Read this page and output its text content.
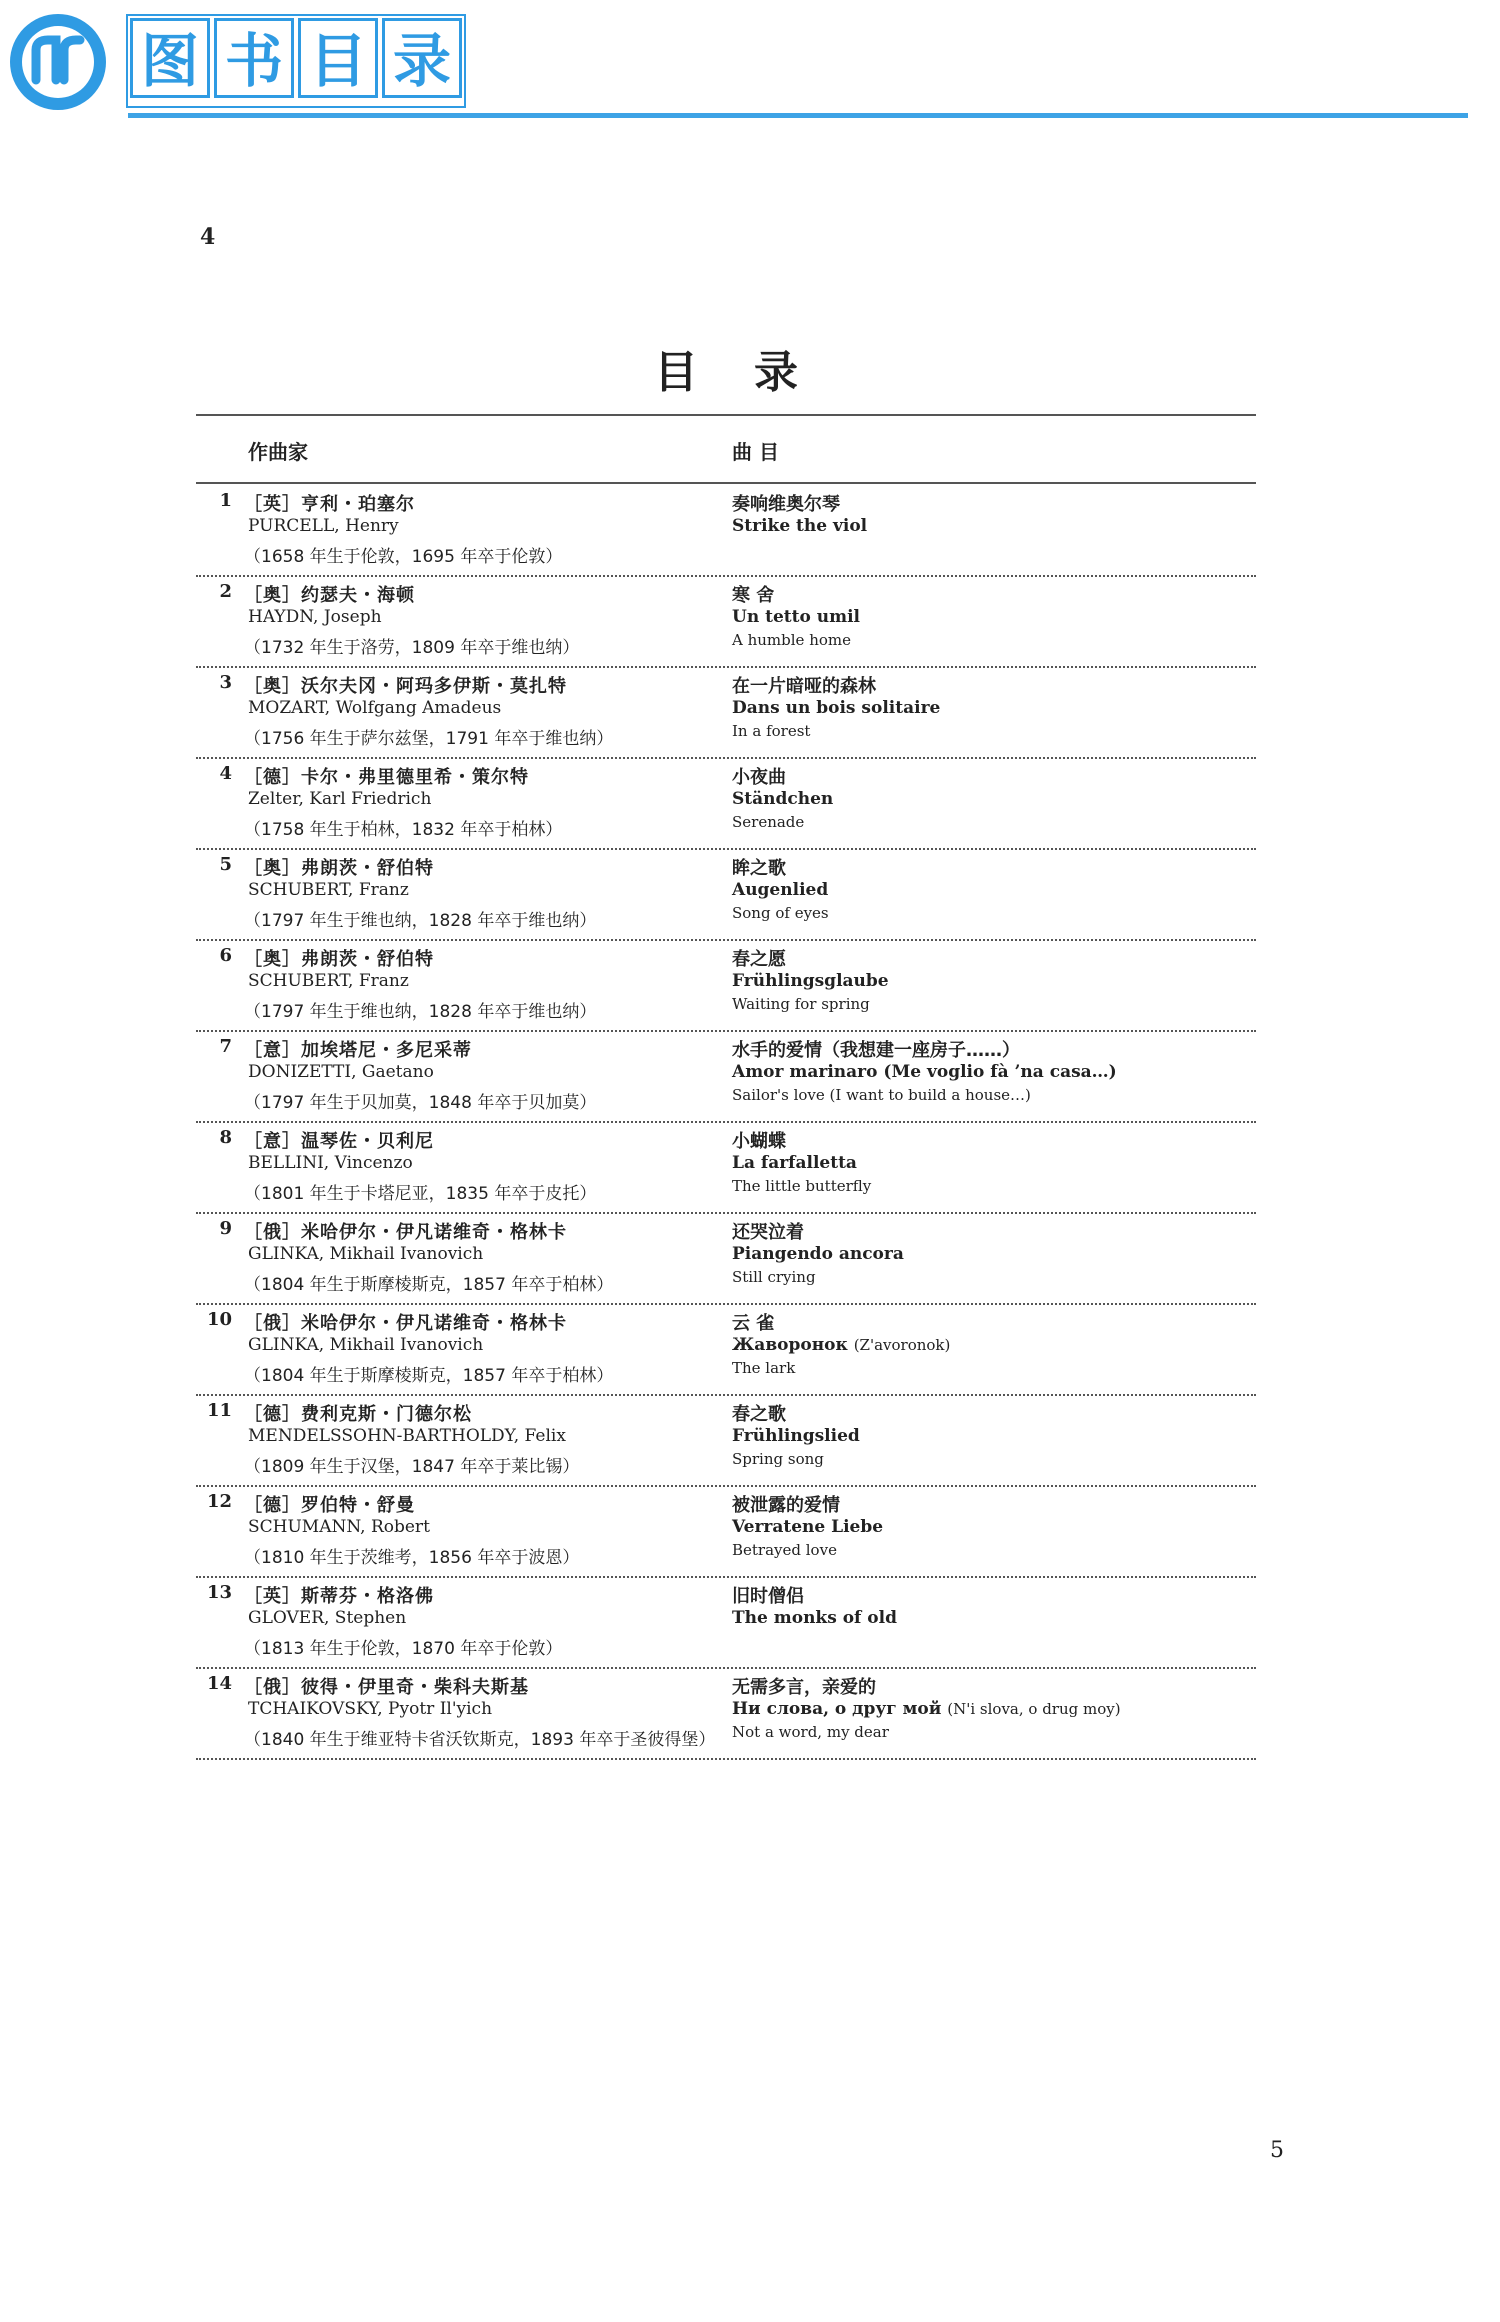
图 书 目 录
4
目录
作曲家	曲 目
1 ［英］亨利・珀塞尔
PURCELL, Henry
（1658 年生于伦敦，1695 年卒于伦敦）
奏响维奥尔琴
Strike the viol
2 ［奥］约瑟夫・海顿
HAYDN, Joseph
（1732 年生于洛劳，1809 年卒于维也纳）
寒 舍
Un tetto umil
A humble home
3 ［奥］沃尔夫冈・阿玛多伊斯・莫扎特
MOZART, Wolfgang Amadeus
（1756 年生于萨尔兹堡，1791 年卒于维也纳）
在一片暗哑的森林
Dans un bois solitaire
In a forest
4 ［德］卡尔・弗里德里希・策尔特
Zelter, Karl Friedrich
（1758 年生于柏林，1832 年卒于柏林）
小夜曲
Ständchen
Serenade
5 ［奥］弗朗茨・舒伯特
SCHUBERT, Franz
（1797 年生于维也纳，1828 年卒于维也纳）
眸之歌
Augenlied
Song of eyes
6 ［奥］弗朗茨・舒伯特
SCHUBERT, Franz
（1797 年生于维也纳，1828 年卒于维也纳）
春之愿
Frühlingsglaube
Waiting for spring
7 ［意］加埃塔尼・多尼采蒂
DONIZETTI, Gaetano
（1797 年生于贝加莫，1848 年卒于贝加莫）
水手的爱情（我想建一座房子……）
Amor marinaro (Me voglio fà ’na casa…)
Sailor's love (I want to build a house…)
8 ［意］温琴佐・贝利尼
BELLINI, Vincenzo
（1801 年生于卡塔尼亚，1835 年卒于皮托）
小蝴蝶
La farfalletta
The little butterfly
9 ［俄］米哈伊尔・伊凡诺维奇・格林卡
GLINKA, Mikhail Ivanovich
（1804 年生于斯摩棱斯克，1857 年卒于柏林）
还哭泣着
Piangendo ancora
Still crying
10 ［俄］米哈伊尔・伊凡诺维奇・格林卡
GLINKA, Mikhail Ivanovich
（1804 年生于斯摩棱斯克，1857 年卒于柏林）
云 雀
Жаворонок (Z'avoronok)
The lark
11 ［德］费利克斯・门德尔松
MENDELSSOHN-BARTHOLDY, Felix
（1809 年生于汉堡，1847 年卒于莱比锡）
春之歌
Frühlingslied
Spring song
12 ［德］罗伯特・舒曼
SCHUMANN, Robert
（1810 年生于茨维考，1856 年卒于波恩）
被泄露的爱情
Verratene Liebe
Betrayed love
13 ［英］斯蒂芬・格洛佛
GLOVER, Stephen
（1813 年生于伦敦，1870 年卒于伦敦）
旧时僧侣
The monks of old
14 ［俄］彼得・伊里奇・柴科夫斯基
TCHAIKOVSKY, Pyotr Il'yich
（1840 年生于维亚特卡省沃钦斯克，1893 年卒于圣彼得堡）
无需多言，亲爱的
Ни слова, о друг мой (N'i slova, o drug moy)
Not a word, my dear
5
